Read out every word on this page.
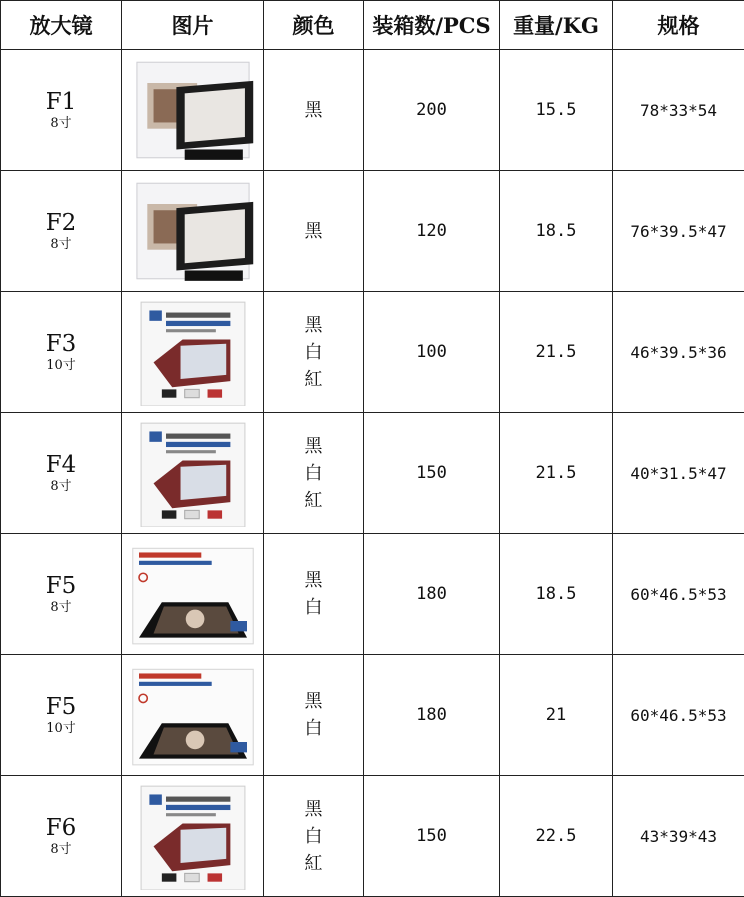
放大镜	图片	颜色	装箱数/PCS	重量/KG	规格

F1
8寸		黑	200	15.5	78*33*54

F2
8寸		黑	120	18.5	76*39.5*47

F3
10寸		黑
白
紅	100	21.5	46*39.5*36

F4
8寸		黑
白
紅	150	21.5	40*31.5*47

F5
8寸		黑
白	180	18.5	60*46.5*53

F5
10寸		黑
白	180	21	60*46.5*53

F6
8寸		黑
白
紅	150	22.5	43*39*43
